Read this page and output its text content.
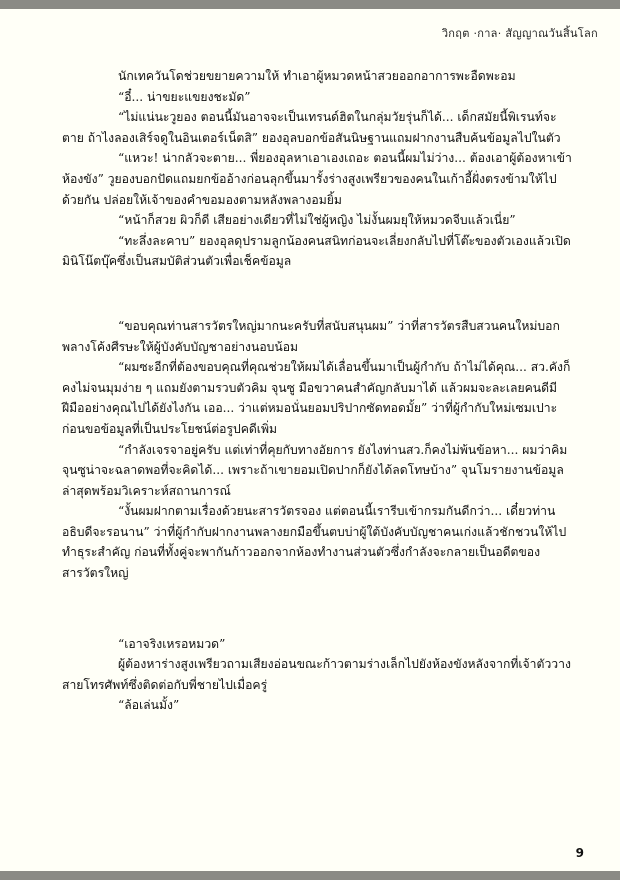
วิกฤต ·กาล· สัญญาณวันสิ้นโลก

นักเทควันโดช่วยขยายความให้ ทำเอาผู้หมวดหน้าสวยออกอาการพะอืดพะอม

“อี๋... น่าขยะแขยงชะมัด”

“ไม่แน่นะวูยอง ตอนนี้มันอาจจะเป็นเทรนด์ฮิตในกลุ่มวัยรุ่นก็ได้... เด็กสมัยนี้พิเรนท์จะตาย ถ้าไงลองเสิร์จดูในอินเตอร์เน็ตสิ” ยองอุลบอกข้อสันนิษฐานแถมฝากงานสืบค้นข้อมูลไปในตัว

“แหวะ! น่ากลัวจะตาย... พี่ยองอุลหาเอาเองเถอะ ตอนนี้ผมไม่ว่าง... ต้องเอาผู้ต้องหาเข้าห้องขัง” วูยองบอกปัดแถมยกข้ออ้างก่อนลุกขึ้นมารั้งร่างสูงเพรียวของคนในเก้าอี้ฝั่งตรงข้ามให้ไปด้วยกัน ปล่อยให้เจ้าของคำขอมองตามหลังพลางอมยิ้ม

“หน้าก็สวย ผิวก็ดี เสียอย่างเดียวที่ไม่ใช่ผู้หญิง ไม่งั้นผมยุให้หมวดจีบแล้วเนี่ย”

“ทะลึ่งละคาบ” ยองอุลดุปรามลูกน้องคนสนิทก่อนจะเลี่ยงกลับไปที่โต๊ะของตัวเองแล้วเปิดมินิโน๊ตบุ๊คซึ่งเป็นสมบัติส่วนตัวเพื่อเช็คข้อมูล

“ขอบคุณท่านสารวัตรใหญ่มากนะครับที่สนับสนุนผม” ว่าที่สารวัตรสืบสวนคนใหม่บอกพลางโค้งศีรษะให้ผู้บังคับบัญชาอย่างนอบน้อม

“ผมซะอีกที่ต้องขอบคุณที่คุณช่วยให้ผมได้เลื่อนขึ้นมาเป็นผู้กำกับ ถ้าไม่ได้คุณ... สว.คังก็คงไม่จนมุมง่าย ๆ แถมยังตามรวบตัวคิม จุนซู มือขวาคนสำคัญกลับมาได้ แล้วผมจะละเลยคนดีมีฝีมืออย่างคุณไปได้ยังไงกัน เออ... ว่าแต่หมอนั่นยอมปริปากซัดทอดมั้ย” ว่าที่ผู้กำกับใหม่เซมเปาะก่อนขอข้อมูลที่เป็นประโยชน์ต่อรูปคดีเพิ่ม

“กำลังเจรจาอยู่ครับ แต่เท่าที่คุยกับทางอัยการ ยังไงท่านสว.ก็คงไม่พ้นข้อหา... ผมว่าคิม จุนซูน่าจะฉลาดพอที่จะคิดได้... เพราะถ้าเขายอมเปิดปากก็ยังได้ลดโทษบ้าง” จุนโมรายงานข้อมูลล่าสุดพร้อมวิเคราะห์สถานการณ์

“งั้นผมฝากตามเรื่องด้วยนะสารวัตรจอง แต่ตอนนี้เรารีบเข้ากรมกันดีกว่า... เดี๋ยวท่านอธิบดีจะรอนาน” ว่าที่ผู้กำกับฝากงานพลางยกมือขึ้นตบบ่าผู้ใต้บังคับบัญชาคนเก่งแล้วชักชวนให้ไปทำธุระสำคัญ ก่อนที่ทั้งคู่จะพากันก้าวออกจากห้องทำงานส่วนตัวซึ่งกำลังจะกลายเป็นอดีตของสารวัตรใหญ่

“เอาจริงเหรอหมวด”

ผู้ต้องหาร่างสูงเพรียวถามเสียงอ่อนขณะก้าวตามร่างเล็กไปยังห้องขังหลังจากที่เจ้าตัววางสายโทรศัพท์ซึ่งติดต่อกับพี่ชายไปเมื่อครู่

“ล้อเล่นมั้ง”

9
